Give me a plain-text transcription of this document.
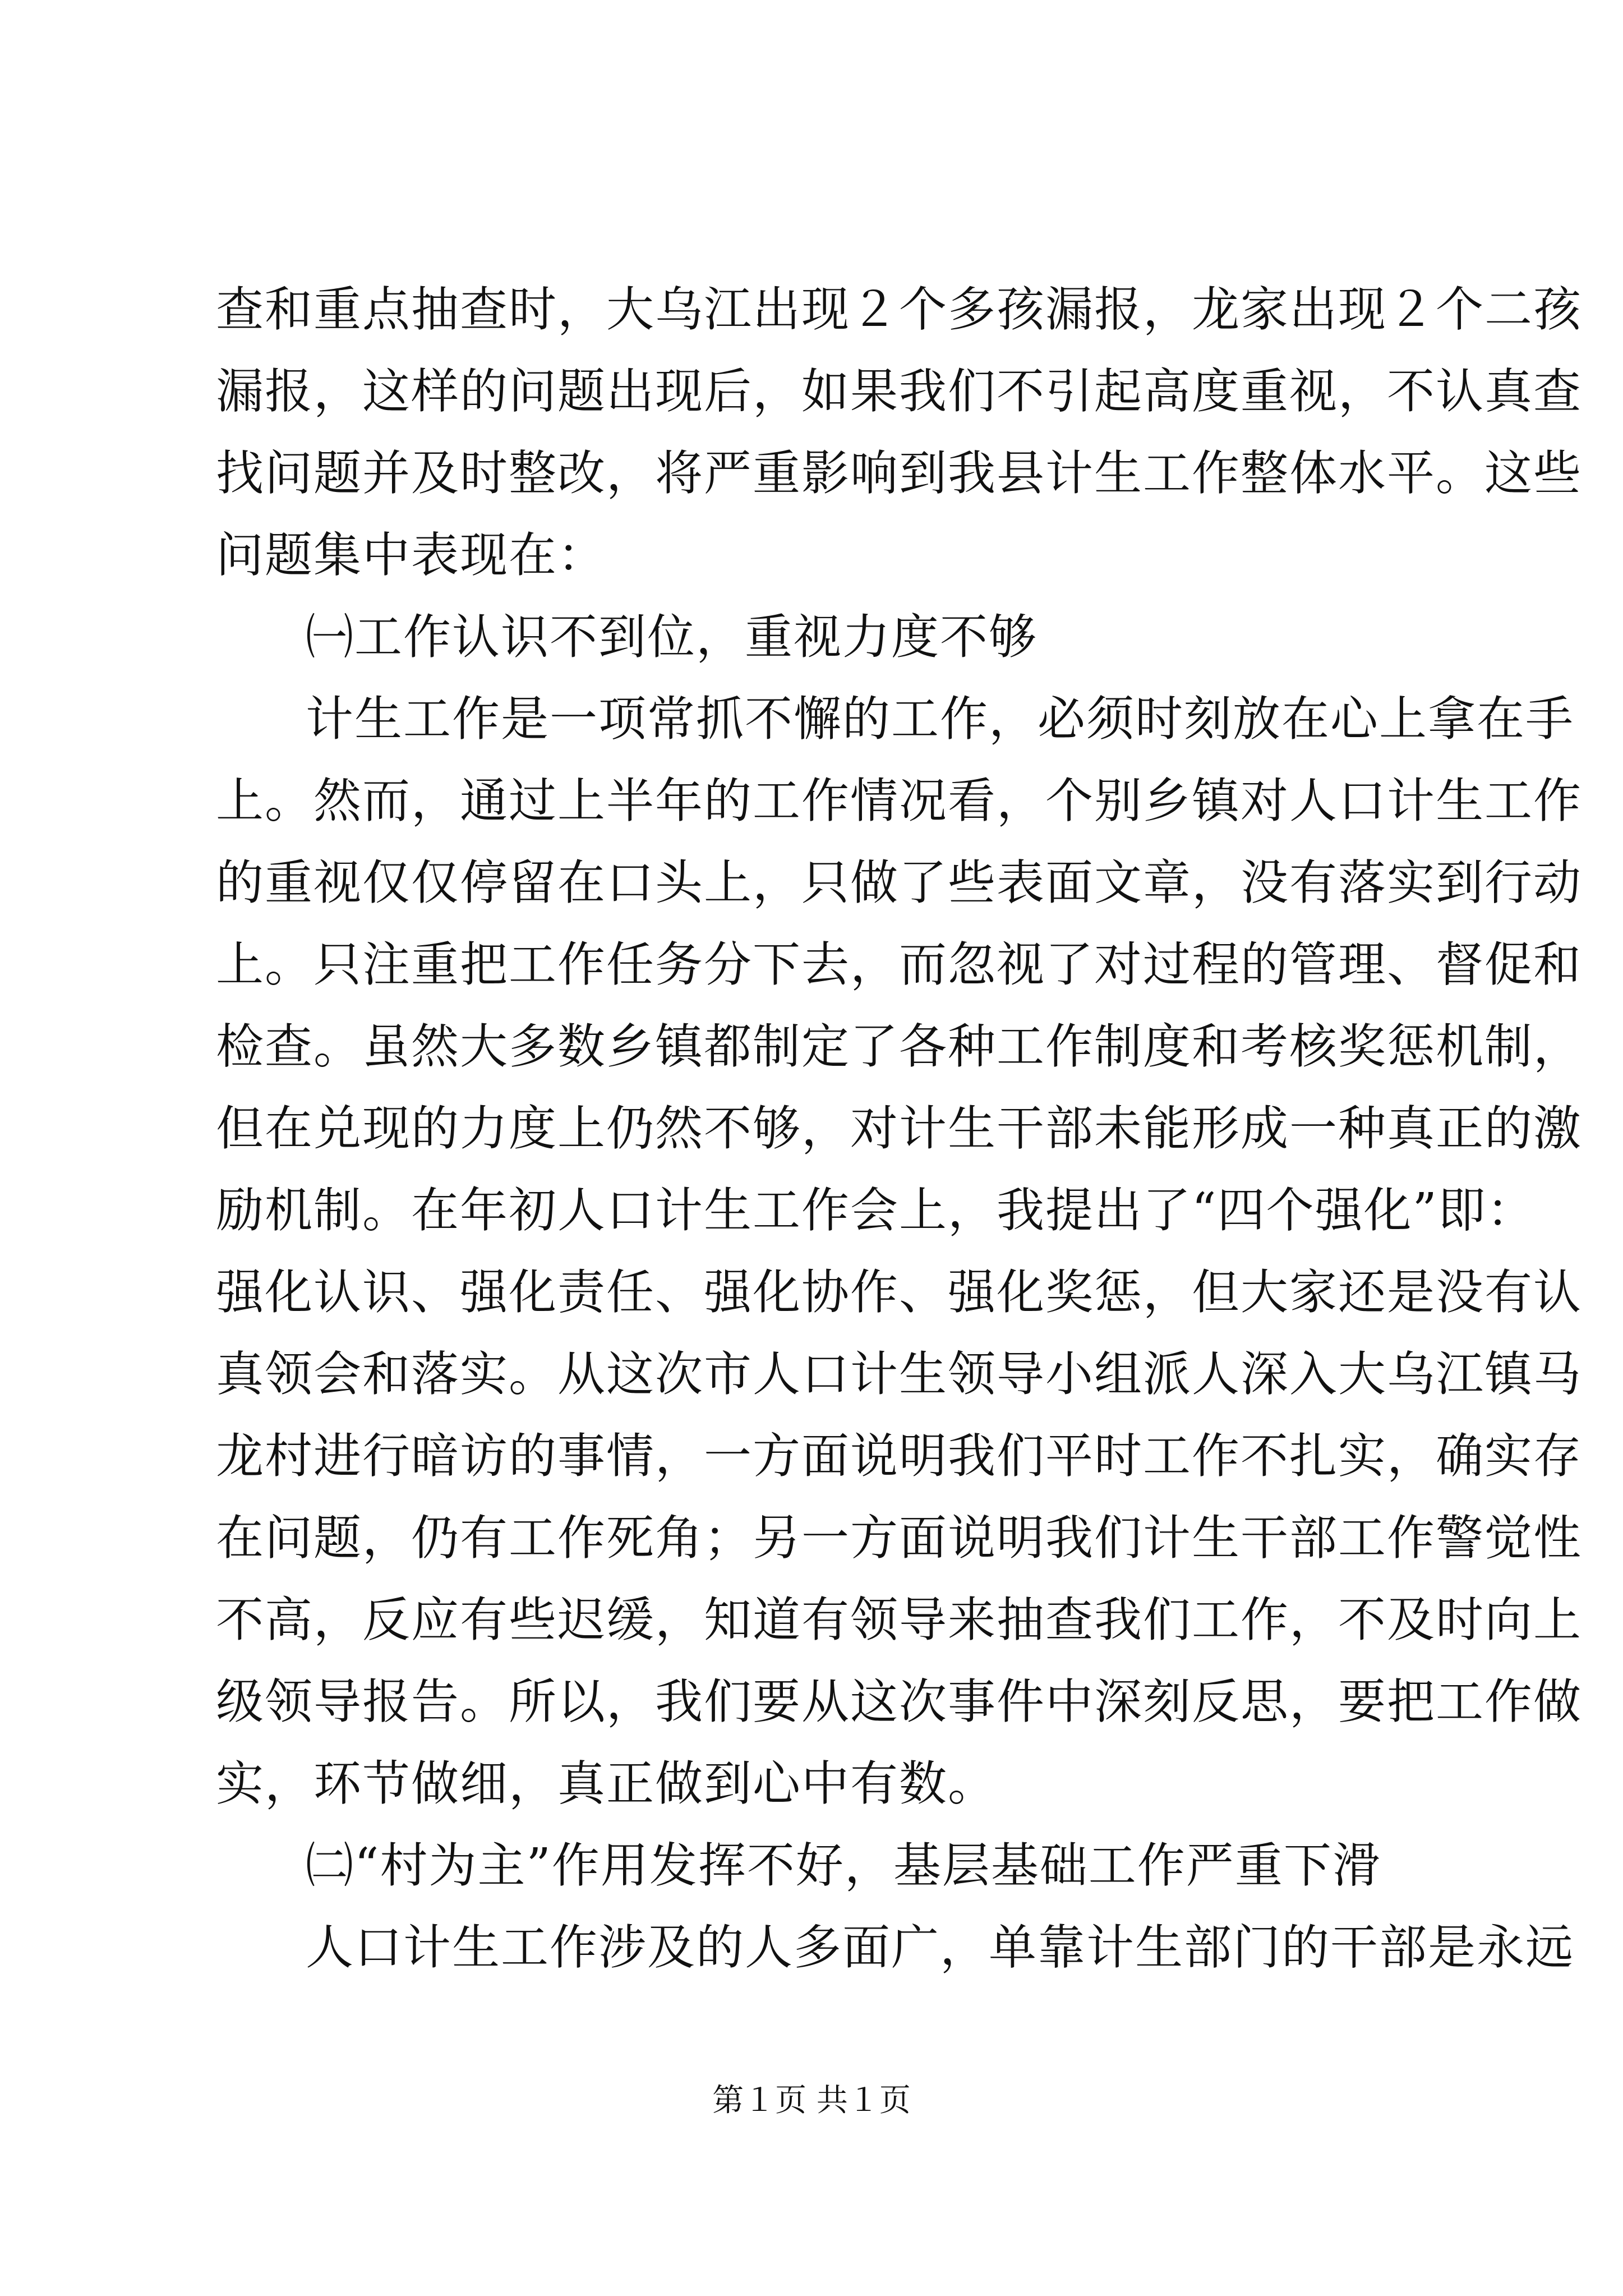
查和重点抽查时，大乌江出现２个多孩漏报，龙家出现２个二孩
漏报，这样的问题出现后，如果我们不引起高度重视，不认真查
找问题并及时整改，将严重影响到我县计生工作整体水平。这些
问题集中表现在：
㈠工作认识不到位，重视力度不够
计生工作是一项常抓不懈的工作，必须时刻放在心上拿在手
上。然而，通过上半年的工作情况看，个别乡镇对人口计生工作
的重视仅仅停留在口头上，只做了些表面文章，没有落实到行动
上。只注重把工作任务分下去，而忽视了对过程的管理、督促和
检查。虽然大多数乡镇都制定了各种工作制度和考核奖惩机制，
但在兑现的力度上仍然不够，对计生干部未能形成一种真正的激
励机制。在年初人口计生工作会上，我提出了“四个强化”即：
强化认识、强化责任、强化协作、强化奖惩，但大家还是没有认
真领会和落实。从这次市人口计生领导小组派人深入大乌江镇马
龙村进行暗访的事情，一方面说明我们平时工作不扎实，确实存
在问题，仍有工作死角；另一方面说明我们计生干部工作警觉性
不高，反应有些迟缓，知道有领导来抽查我们工作，不及时向上
级领导报告。所以，我们要从这次事件中深刻反思，要把工作做
实，环节做细，真正做到心中有数。
㈡“村为主”作用发挥不好，基层基础工作严重下滑
人口计生工作涉及的人多面广，单靠计生部门的干部是永远
第１页 共１页
